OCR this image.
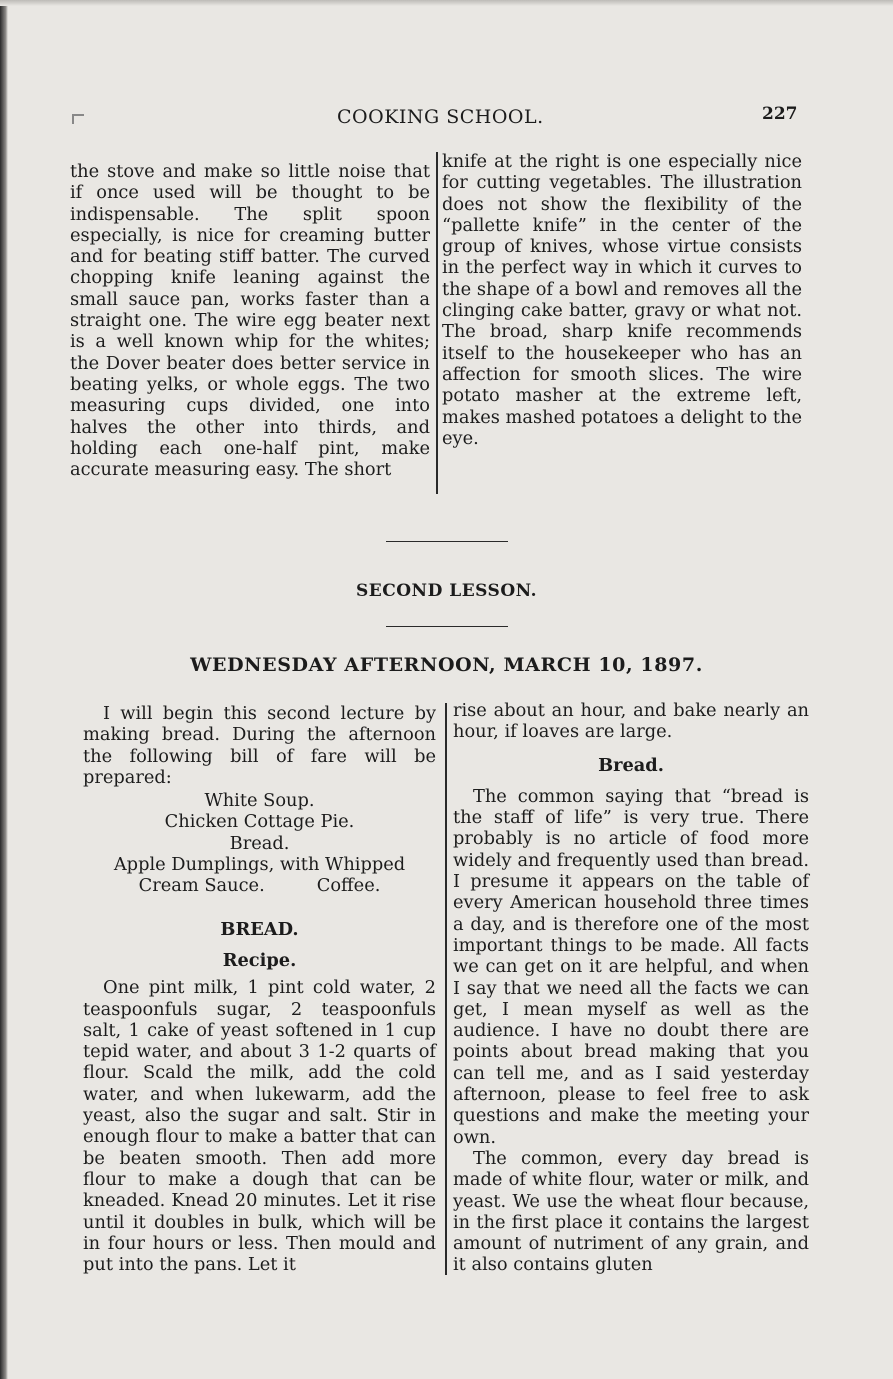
COOKING SCHOOL.	227

the stove and make so little noise that if once used will be thought to be indispensable. The split spoon especially, is nice for creaming butter and for beating stiff batter. The curved chopping knife leaning against the small sauce pan, works faster than a straight one. The wire egg beater next is a well known whip for the whites; the Dover beater does better service in beating yelks, or whole eggs. The two measuring cups divided, one into halves the other into thirds, and holding each one-half pint, make accurate measuring easy. The short

knife at the right is one especially nice for cutting vegetables. The illustration does not show the flexibility of the “pallette knife” in the center of the group of knives, whose virtue consists in the perfect way in which it curves to the shape of a bowl and removes all the clinging cake batter, gravy or what not. The broad, sharp knife recommends itself to the housekeeper who has an affection for smooth slices. The wire potato masher at the extreme left, makes mashed potatoes a delight to the eye.

SECOND LESSON.
WEDNESDAY AFTERNOON, MARCH 10, 1897.

I will begin this second lecture by making bread. During the afternoon the following bill of fare will be prepared:

White Soup.
Chicken Cottage Pie.
Bread.
Apple Dumplings, with Whipped
Cream Sauce.	Coffee.
BREAD.
Recipe.

One pint milk, 1 pint cold water, 2 teaspoonfuls sugar, 2 teaspoonfuls salt, 1 cake of yeast softened in 1 cup tepid water, and about 3 1-2 quarts of flour. Scald the milk, add the cold water, and when lukewarm, add the yeast, also the sugar and salt. Stir in enough flour to make a batter that can be beaten smooth. Then add more flour to make a dough that can be kneaded. Knead 20 minutes. Let it rise until it doubles in bulk, which will be in four hours or less. Then mould and put into the pans. Let it

rise about an hour, and bake nearly an hour, if loaves are large.

Bread.

The common saying that “bread is the staff of life” is very true. There probably is no article of food more widely and frequently used than bread. I presume it appears on the table of every American household three times a day, and is therefore one of the most important things to be made. All facts we can get on it are helpful, and when I say that we need all the facts we can get, I mean myself as well as the audience. I have no doubt there are points about bread making that you can tell me, and as I said yesterday afternoon, please to feel free to ask questions and make the meeting your own.

The common, every day bread is made of white flour, water or milk, and yeast. We use the wheat flour because, in the first place it contains the largest amount of nutriment of any grain, and it also contains gluten
